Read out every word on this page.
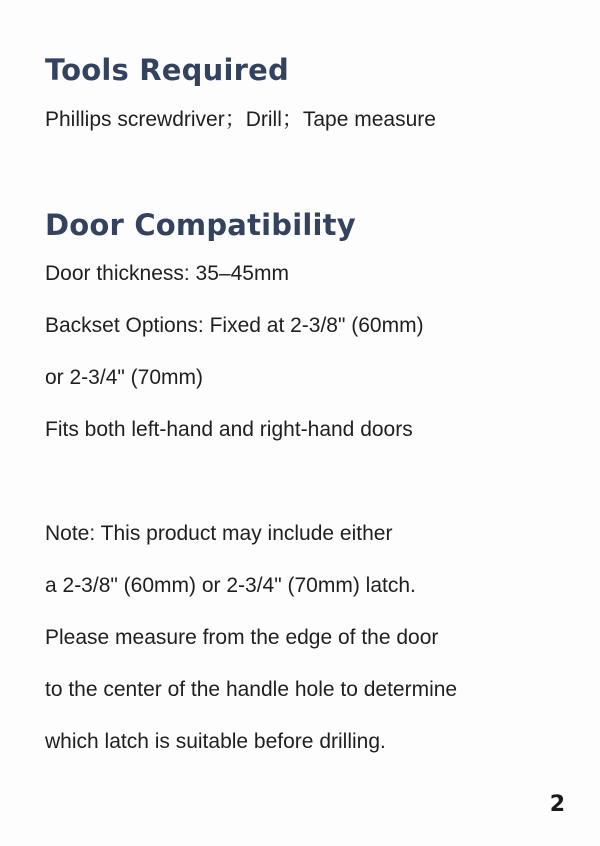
Tools Required

Phillips screwdriver；Drill；Tape measure

Door Compatibility

Door thickness: 35–45mm

Backset Options: Fixed at 2-3/8" (60mm)

or 2-3/4" (70mm)

Fits both left-hand and right-hand doors

Note: This product may include either

a 2-3/8" (60mm) or 2-3/4" (70mm) latch.

Please measure from the edge of the door

to the center of the handle hole to determine

which latch is suitable before drilling.

2
